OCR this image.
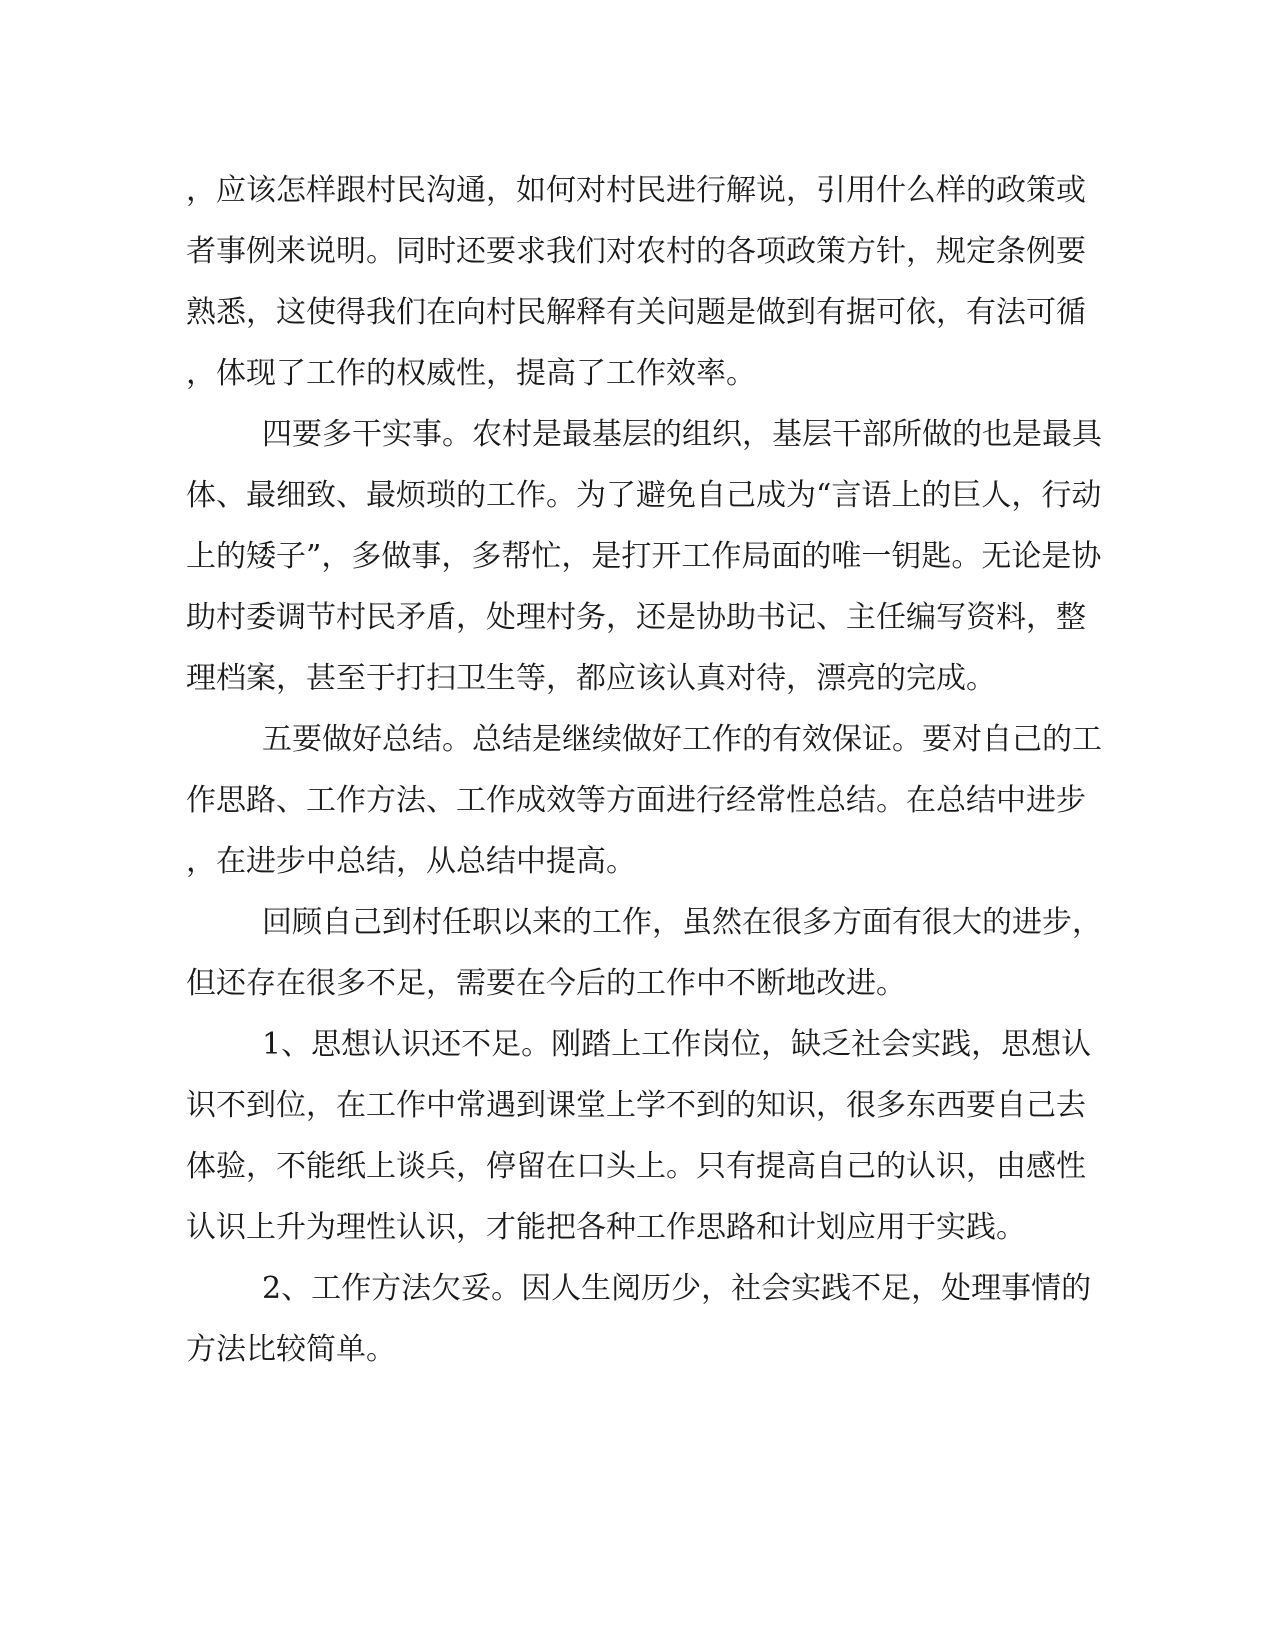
，应该怎样跟村民沟通，如何对村民进行解说，引用什么样的政策或
者事例来说明。同时还要求我们对农村的各项政策方针，规定条例要
熟悉，这使得我们在向村民解释有关问题是做到有据可依，有法可循
，体现了工作的权威性，提高了工作效率。
四要多干实事。农村是最基层的组织，基层干部所做的也是最具
体、最细致、最烦琐的工作。为了避免自己成为“言语上的巨人，行动
上的矮子”，多做事，多帮忙，是打开工作局面的唯一钥匙。无论是协
助村委调节村民矛盾，处理村务，还是协助书记、主任编写资料，整
理档案，甚至于打扫卫生等，都应该认真对待，漂亮的完成。
五要做好总结。总结是继续做好工作的有效保证。要对自己的工
作思路、工作方法、工作成效等方面进行经常性总结。在总结中进步
，在进步中总结，从总结中提高。
回顾自己到村任职以来的工作，虽然在很多方面有很大的进步，
但还存在很多不足，需要在今后的工作中不断地改进。
1、思想认识还不足。刚踏上工作岗位，缺乏社会实践，思想认
识不到位，在工作中常遇到课堂上学不到的知识，很多东西要自己去
体验，不能纸上谈兵，停留在口头上。只有提高自己的认识，由感性
认识上升为理性认识，才能把各种工作思路和计划应用于实践。
2、工作方法欠妥。因人生阅历少，社会实践不足，处理事情的
方法比较简单。
